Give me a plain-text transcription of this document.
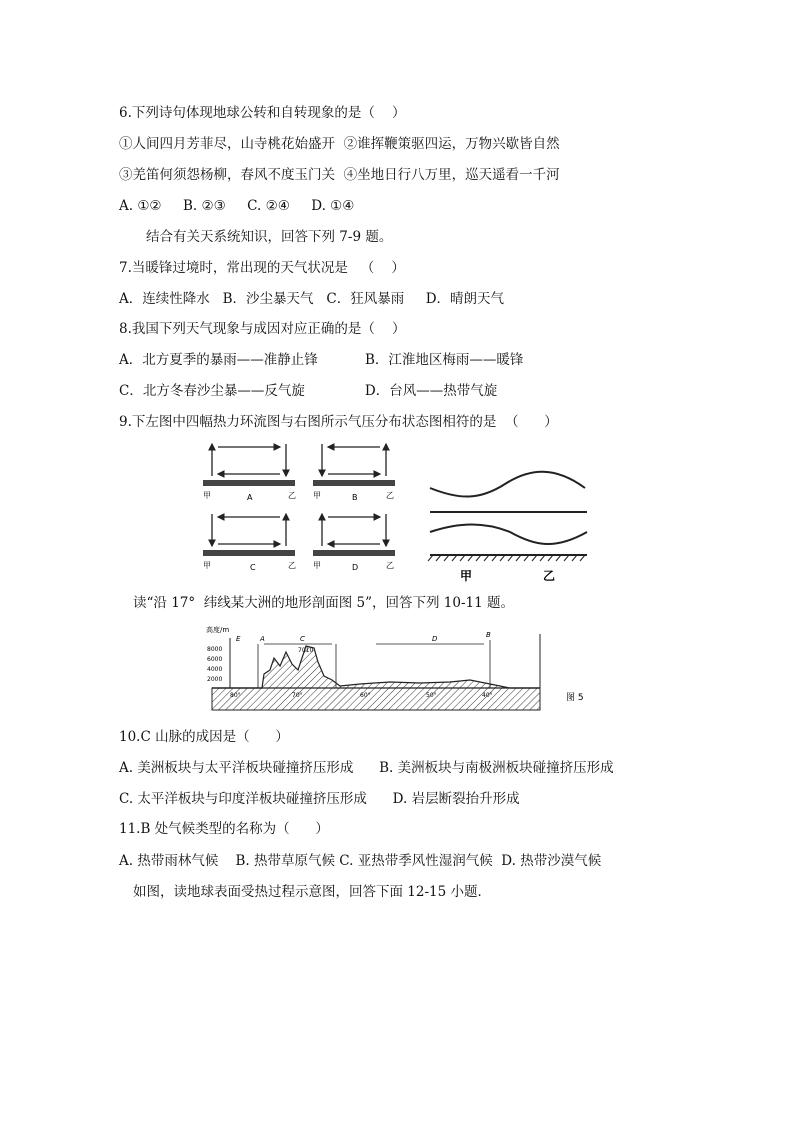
6.下列诗句体现地球公转和自转现象的是（    ）
①人间四月芳菲尽，山寺桃花始盛开  ②谁挥鞭策驱四运，万物兴歇皆自然
③羌笛何须怨杨柳，春风不度玉门关  ④坐地日行八万里，巡天遥看一千河
A. ①②     B. ②③     C. ②④     D. ①④
结合有关天系统知识，回答下列 7-9 题。
7.当暖锋过境时，常出现的天气状况是   （    ）
A．连续性降水   B．沙尘暴天气   C．狂风暴雨     D．晴朗天气
8.我国下列天气现象与成因对应正确的是（    ）
A．北方夏季的暴雨——准静止锋           B．江淮地区梅雨——暖锋
C．北方冬春沙尘暴——反气旋              D．台风——热带气旋
9.下左图中四幅热力环流图与右图所示气压分布状态图相符的是  （      ）
甲	A	乙 甲	B	乙
甲	C	乙 甲	D	乙
甲	乙
读“沿 17°  纬线某大洲的地形剖面图 5”，回答下列 10-11 题。
高度/m
8000
6000
4000
2000
E	A	C	D	B
7010
80°	70°	60°	50°	40°	图 5
10.C 山脉的成因是（      ）
A. 美洲板块与太平洋板块碰撞挤压形成      B. 美洲板块与南极洲板块碰撞挤压形成
C. 太平洋板块与印度洋板块碰撞挤压形成      D. 岩层断裂抬升形成
11.B 处气候类型的名称为（      ）
A. 热带雨林气候    B. 热带草原气候 C. 亚热带季风性湿润气候  D. 热带沙漠气候
如图，读地球表面受热过程示意图，回答下面 12-15 小题．
